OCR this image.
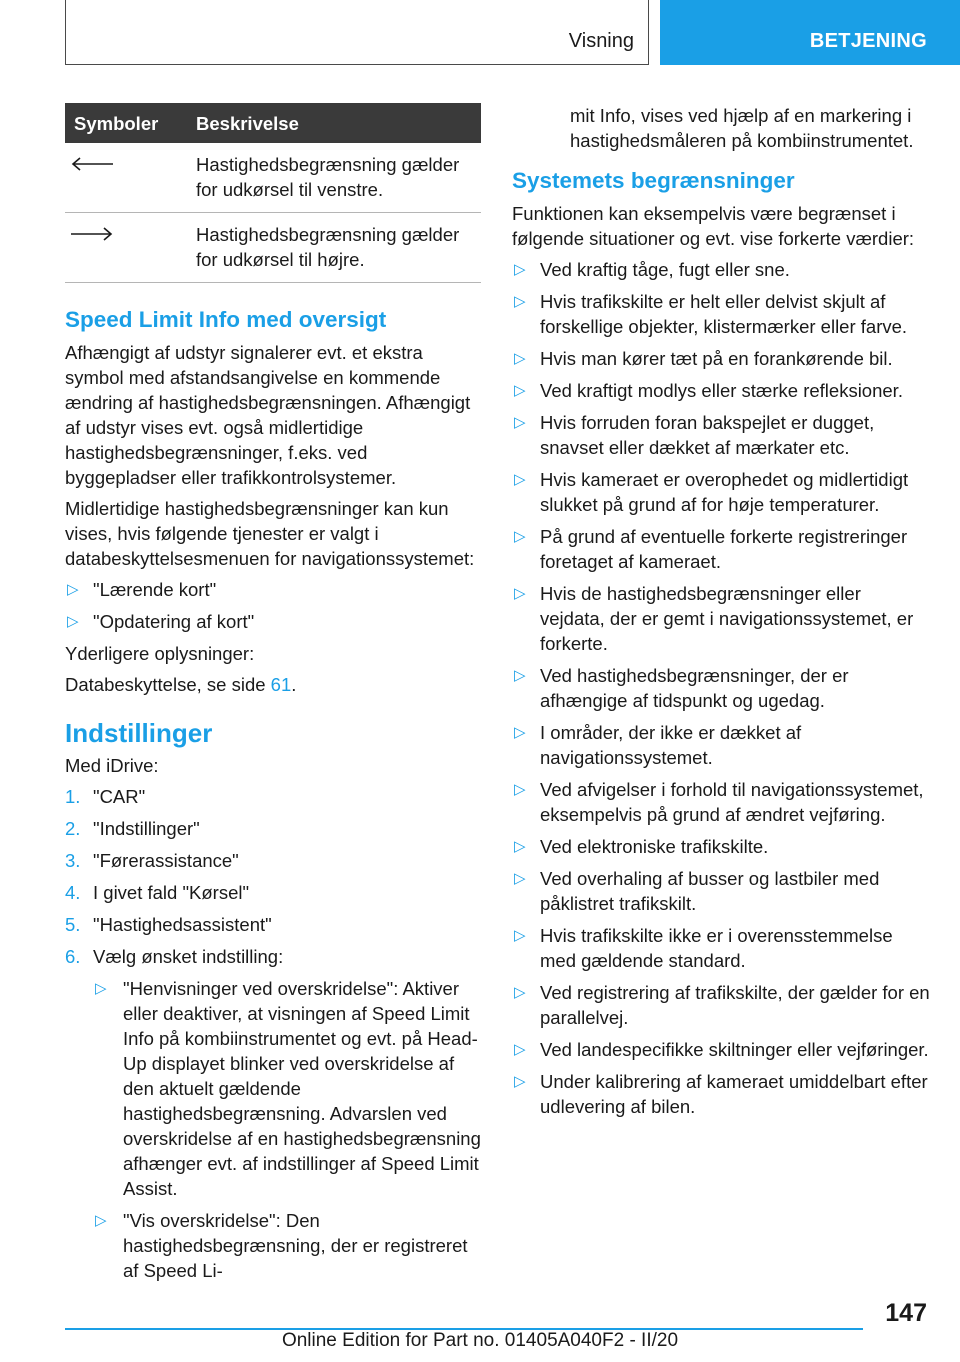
Visning	BETJENING
Symboler	Beskrivelse
	Hastighedsbegrænsning gælder for udkørsel til venstre.
	Hastighedsbegrænsning gælder for udkørsel til højre.
Speed Limit Info med oversigt

Afhængigt af udstyr signalerer evt. et ekstra symbol med afstandsangivelse en kommende ændring af hastighedsbegrænsningen. Afhængigt af udstyr vises evt. også midlertidige hastighedsbegrænsninger, f.eks. ved byggepladser eller trafikkontrolsystemer.

Midlertidige hastighedsbegrænsninger kan kun vises, hvis følgende tjenester er valgt i databeskyttelsesmenuen for navigationssystemet:

▷ "Lærende kort"
▷ "Opdatering af kort"

Yderligere oplysninger:

Databeskyttelse, se side 61.

Indstillinger

Med iDrive:

1. "CAR"
2. "Indstillinger"
3. "Førerassistance"
4. I givet fald "Kørsel"
5. "Hastighedsassistent"
6. Vælg ønsket indstilling:
▷ "Henvisninger ved overskridelse": Aktiver eller deaktiver, at visningen af Speed Limit Info på kombiinstrumentet og evt. på Head-Up displayet blinker ved overskridelse af den aktuelt gældende hastighedsbegrænsning. Advarslen ved overskridelse af en hastighedsbegrænsning afhænger evt. af indstillinger af Speed Limit Assist.
▷ "Vis overskridelse": Den hastighedsbegrænsning, der er registreret af Speed Li-

mit Info, vises ved hjælp af en markering i hastighedsmåleren på kombiinstrumentet.

Systemets begrænsninger

Funktionen kan eksempelvis være begrænset i følgende situationer og evt. vise forkerte værdier:

▷ Ved kraftig tåge, fugt eller sne.
▷ Hvis trafikskilte er helt eller delvist skjult af forskellige objekter, klistermærker eller farve.
▷ Hvis man kører tæt på en forankørende bil.
▷ Ved kraftigt modlys eller stærke refleksioner.
▷ Hvis forruden foran bakspejlet er dugget, snavset eller dækket af mærkater etc.
▷ Hvis kameraet er overophedet og midlertidigt slukket på grund af for høje temperaturer.
▷ På grund af eventuelle forkerte registreringer foretaget af kameraet.
▷ Hvis de hastighedsbegrænsninger eller vejdata, der er gemt i navigationssystemet, er forkerte.
▷ Ved hastighedsbegrænsninger, der er afhængige af tidspunkt og ugedag.
▷ I områder, der ikke er dækket af navigationssystemet.
▷ Ved afvigelser i forhold til navigationssystemet, eksempelvis på grund af ændret vejføring.
▷ Ved elektroniske trafikskilte.
▷ Ved overhaling af busser og lastbiler med påklistret trafikskilt.
▷ Hvis trafikskilte ikke er i overensstemmelse med gældende standard.
▷ Ved registrering af trafikskilte, der gælder for en parallelvej.
▷ Ved landespecifikke skiltninger eller vejføringer.
▷ Under kalibrering af kameraet umiddelbart efter udlevering af bilen.
147
Online Edition for Part no. 01405A040F2 - II/20
